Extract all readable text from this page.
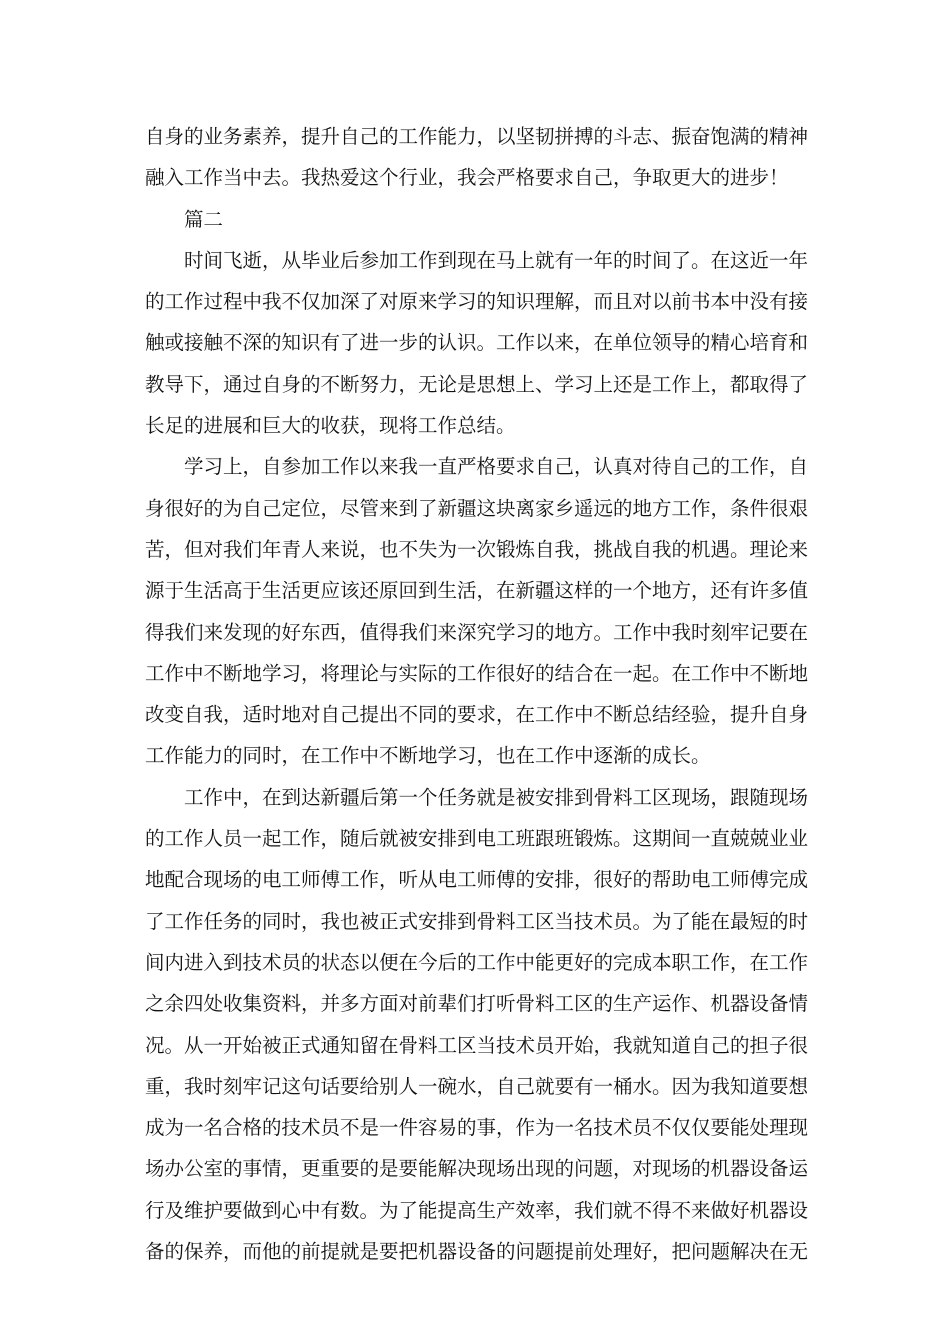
自身的业务素养，提升自己的工作能力，以坚韧拼搏的斗志、振奋饱满的精神
融入工作当中去。我热爱这个行业，我会严格要求自己，争取更大的进步！
篇二
时间飞逝，从毕业后参加工作到现在马上就有一年的时间了。在这近一年
的工作过程中我不仅加深了对原来学习的知识理解，而且对以前书本中没有接
触或接触不深的知识有了进一步的认识。工作以来，在单位领导的精心培育和
教导下，通过自身的不断努力，无论是思想上、学习上还是工作上，都取得了
长足的进展和巨大的收获，现将工作总结。
学习上，自参加工作以来我一直严格要求自己，认真对待自己的工作，自
身很好的为自己定位，尽管来到了新疆这块离家乡遥远的地方工作，条件很艰
苦，但对我们年青人来说，也不失为一次锻炼自我，挑战自我的机遇。理论来
源于生活高于生活更应该还原回到生活，在新疆这样的一个地方，还有许多值
得我们来发现的好东西，值得我们来深究学习的地方。工作中我时刻牢记要在
工作中不断地学习，将理论与实际的工作很好的结合在一起。在工作中不断地
改变自我，适时地对自己提出不同的要求，在工作中不断总结经验，提升自身
工作能力的同时，在工作中不断地学习，也在工作中逐渐的成长。
工作中，在到达新疆后第一个任务就是被安排到骨料工区现场，跟随现场
的工作人员一起工作，随后就被安排到电工班跟班锻炼。这期间一直兢兢业业
地配合现场的电工师傅工作，听从电工师傅的安排，很好的帮助电工师傅完成
了工作任务的同时，我也被正式安排到骨料工区当技术员。为了能在最短的时
间内进入到技术员的状态以便在今后的工作中能更好的完成本职工作，在工作
之余四处收集资料，并多方面对前辈们打听骨料工区的生产运作、机器设备情
况。从一开始被正式通知留在骨料工区当技术员开始，我就知道自己的担子很
重，我时刻牢记这句话要给别人一碗水，自己就要有一桶水。因为我知道要想
成为一名合格的技术员不是一件容易的事，作为一名技术员不仅仅要能处理现
场办公室的事情，更重要的是要能解决现场出现的问题，对现场的机器设备运
行及维护要做到心中有数。为了能提高生产效率，我们就不得不来做好机器设
备的保养，而他的前提就是要把机器设备的问题提前处理好，把问题解决在无
